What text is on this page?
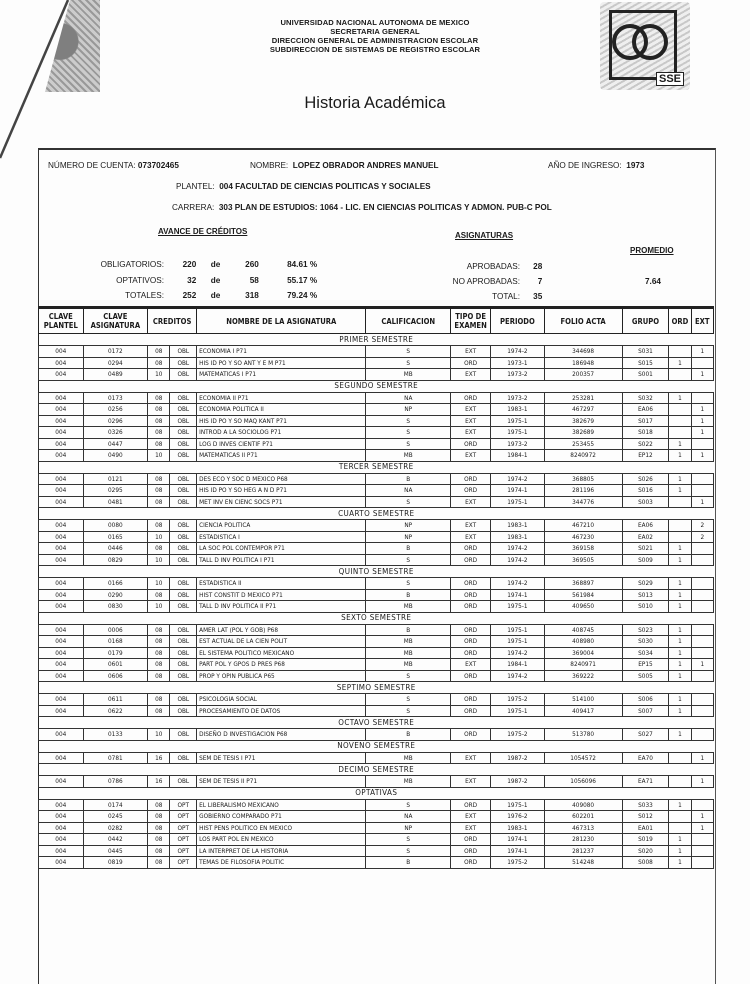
SSE
UNIVERSIDAD NACIONAL AUTONOMA DE MEXICO
SECRETARIA GENERAL
DIRECCION GENERAL DE ADMINISTRACION ESCOLAR
SUBDIRECCION DE SISTEMAS DE REGISTRO ESCOLAR
Historia Académica
NÚMERO DE CUENTA: 073702465	NOMBRE: LOPEZ OBRADOR ANDRES MANUEL	AÑO DE INGRESO: 1973
PLANTEL: 004 FACULTAD DE CIENCIAS POLITICAS Y SOCIALES
CARRERA: 303 PLAN DE ESTUDIOS: 1064 - LIC. EN CIENCIAS POLITICAS Y ADMON. PUB-C POL
AVANCE DE CRÉDITOS	ASIGNATURAS
PROMEDIO
OBLIGATORIOS: 220 de	260	84.61 %
OPTATIVOS:	32 de	58	55.17 %
TOTALES: 252 de	318	79.24 %
APROBADAS: 28
NO APROBADAS: 7
TOTAL: 35
7.64
CLAVE PLANTEL	CLAVE ASIGNATURA	CREDITOS		NOMBRE DE LA ASIGNATURA	CALIFICACION	TIPO DE EXAMEN	PERIODO	FOLIO ACTA	GRUPO	ORD	EXT
PRIMER SEMESTRE											
004	0172	08	OBL	ECONOMIA I P71	S	EXT	1974-2	344698	S031		1
004	0294	08	OBL	HIS ID PO Y SO ANT Y E M P71	S	ORD	1973-1	186948	S015	1	
004	0489	10	OBL	MATEMATICAS I P71	MB	EXT	1973-2	200357	S001		1
SEGUNDO SEMESTRE											
004	0173	08	OBL	ECONOMIA II P71	NA	ORD	1973-2	253281	S032	1	
004	0256	08	OBL	ECONOMIA POLITICA II	NP	EXT	1983-1	467297	EA06		1
004	0296	08	OBL	HIS ID PO Y SO MAQ KANT P71	S	EXT	1975-1	382679	S017		1
004	0326	08	OBL	INTROD A LA SOCIOLOG P71	S	EXT	1975-1	382689	S018		1
004	0447	08	OBL	LOG D INVES CIENTIF P71	S	ORD	1973-2	253455	S022	1	
004	0490	10	OBL	MATEMATICAS II P71	MB	EXT	1984-1	8240972	EP12	1	1
TERCER SEMESTRE											
004	0121	08	OBL	DES ECO Y SOC D MEXICO P68	B	ORD	1974-2	368805	S026	1	
004	0295	08	OBL	HIS ID PO Y SO HEG A N D P71	NA	ORD	1974-1	281196	S016	1	
004	0481	08	OBL	MET INV EN CIENC SOCS P71	S	EXT	1975-1	344776	S003		1
CUARTO SEMESTRE											
004	0080	08	OBL	CIENCIA POLITICA	NP	EXT	1983-1	467210	EA06		2
004	0165	10	OBL	ESTADISTICA I	NP	EXT	1983-1	467230	EA02		2
004	0446	08	OBL	LA SOC POL CONTEMPOR P71	B	ORD	1974-2	369158	S021	1	
004	0829	10	OBL	TALL D INV POLITICA I P71	S	ORD	1974-2	369505	S009	1	
QUINTO SEMESTRE											
004	0166	10	OBL	ESTADISTICA II	S	ORD	1974-2	368897	S029	1	
004	0290	08	OBL	HIST CONSTIT D MEXICO P71	B	ORD	1974-1	561984	S013	1	
004	0830	10	OBL	TALL D INV POLITICA II P71	MB	ORD	1975-1	409650	S010	1	
SEXTO SEMESTRE											
004	0006	08	OBL	AMER LAT (POL Y GOB) P68	B	ORD	1975-1	408745	S023	1	
004	0168	08	OBL	EST ACTUAL DE LA CIEN POLIT	MB	ORD	1975-1	408980	S030	1	
004	0179	08	OBL	EL SISTEMA POLITICO MEXICANO	MB	ORD	1974-2	369004	S034	1	
004	0601	08	OBL	PART POL Y GPOS D PRES P68	MB	EXT	1984-1	8240971	EP15	1	1
004	0606	08	OBL	PROP Y OPIN PUBLICA P65	S	ORD	1974-2	369222	S005	1	
SEPTIMO SEMESTRE											
004	0611	08	OBL	PSICOLOGIA SOCIAL	S	ORD	1975-2	514100	S006	1	
004	0622	08	OBL	PROCESAMIENTO DE DATOS	S	ORD	1975-1	409417	S007	1	
OCTAVO SEMESTRE											
004	0133	10	OBL	DISEÑO D INVESTIGACION P68	B	ORD	1975-2	513780	S027	1	
NOVENO SEMESTRE											
004	0781	16	OBL	SEM DE TESIS I P71	MB	EXT	1987-2	1054572	EA70		1
DECIMO SEMESTRE											
004	0786	16	OBL	SEM DE TESIS II P71	MB	EXT	1987-2	1056096	EA71		1
OPTATIVAS											
004	0174	08	OPT	EL LIBERALISMO MEXICANO	S	ORD	1975-1	409080	S033	1	
004	0245	08	OPT	GOBIERNO COMPARADO P71	NA	EXT	1976-2	602201	S012		1
004	0282	08	OPT	HIST PENS POLITICO EN MEXICO	NP	EXT	1983-1	467313	EA01		1
004	0442	08	OPT	LOS PART POL EN MEXICO	S	ORD	1974-1	281230	S019	1	
004	0445	08	OPT	LA INTERPRET DE LA HISTORIA	S	ORD	1974-1	281237	S020	1	
004	0819	08	OPT	TEMAS DE FILOSOFIA POLITIC	B	ORD	1975-2	514248	S008	1	
